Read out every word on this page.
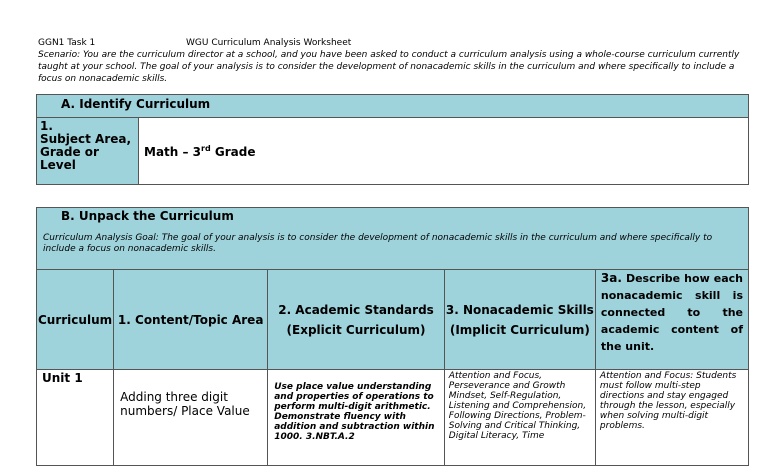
GGN1 Task 1	WGU Curriculum Analysis Worksheet
Scenario: You are the curriculum director at a school, and you have been asked to conduct a curriculum analysis using a whole-course curriculum currently taught at your school. The goal of your analysis is to consider the development of nonacademic skills in the curriculum and where specifically to include a focus on nonacademic skills.
A. Identify Curriculum
1.
Subject Area, Grade or Level	Math – 3rd Grade
B. Unpack the Curriculum				
Curriculum Analysis Goal: The goal of your analysis is to consider the development of nonacademic skills in the curriculum and where specifically to include a focus on nonacademic skills.				
Curriculum	1. Content/Topic Area	2. Academic Standards (Explicit Curriculum)	3. Nonacademic Skills (Implicit Curriculum)	3a. Describe how each nonacademic skill is connected to the academic content of the unit.
Unit 1	Adding three digit numbers/ Place Value	Use place value understanding and properties of operations to perform multi-digit arithmetic. Demonstrate fluency with addition and subtraction within 1000. 3.NBT.A.2	Attention and Focus, Perseverance and Growth Mindset, Self-Regulation, Listening and Comprehension, Following Directions, Problem-Solving and Critical Thinking, Digital Literacy, Time	Attention and Focus: Students must follow multi-step directions and stay engaged through the lesson, especially when solving multi-digit problems.
